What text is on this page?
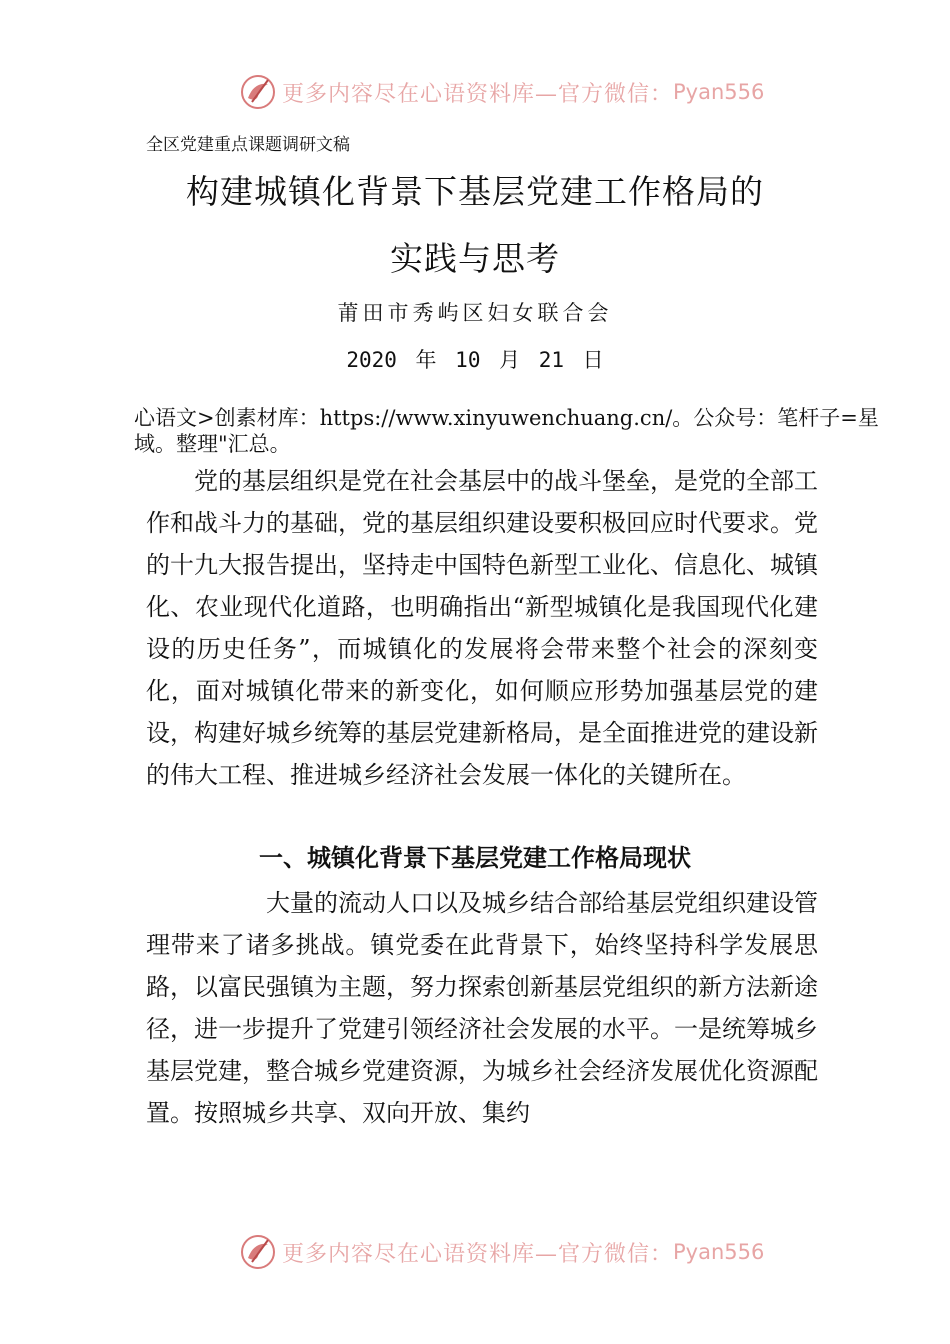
更多内容尽在心语资料库—官方微信： Pyan556
全区党建重点课题调研文稿
构建城镇化背景下基层党建工作格局的
实践与思考
莆田市秀屿区妇女联合会
2020 年 10 月 21 日
心语文>创素材库：https://www.xinyuwenchuang.cn/。公众号：笔杆子=星域。整理"汇总。
党的基层组织是党在社会基层中的战斗堡垒，是党的全部工作和战斗力的基础，党的基层组织建设要积极回应时代要求。党的十九大报告提出，坚持走中国特色新型工业化、信息化、城镇化、农业现代化道路，也明确指出“新型城镇化是我国现代化建设的历史任务”，而城镇化的发展将会带来整个社会的深刻变化，面对城镇化带来的新变化，如何顺应形势加强基层党的建设，构建好城乡统筹的基层党建新格局，是全面推进党的建设新的伟大工程、推进城乡经济社会发展一体化的关键所在。
一、城镇化背景下基层党建工作格局现状
大量的流动人口以及城乡结合部给基层党组织建设管理带来了诸多挑战。镇党委在此背景下，始终坚持科学发展思路，以富民强镇为主题，努力探索创新基层党组织的新方法新途径，进一步提升了党建引领经济社会发展的水平。一是统筹城乡基层党建，整合城乡党建资源，为城乡社会经济发展优化资源配置。按照城乡共享、双向开放、集约
更多内容尽在心语资料库—官方微信： Pyan556
